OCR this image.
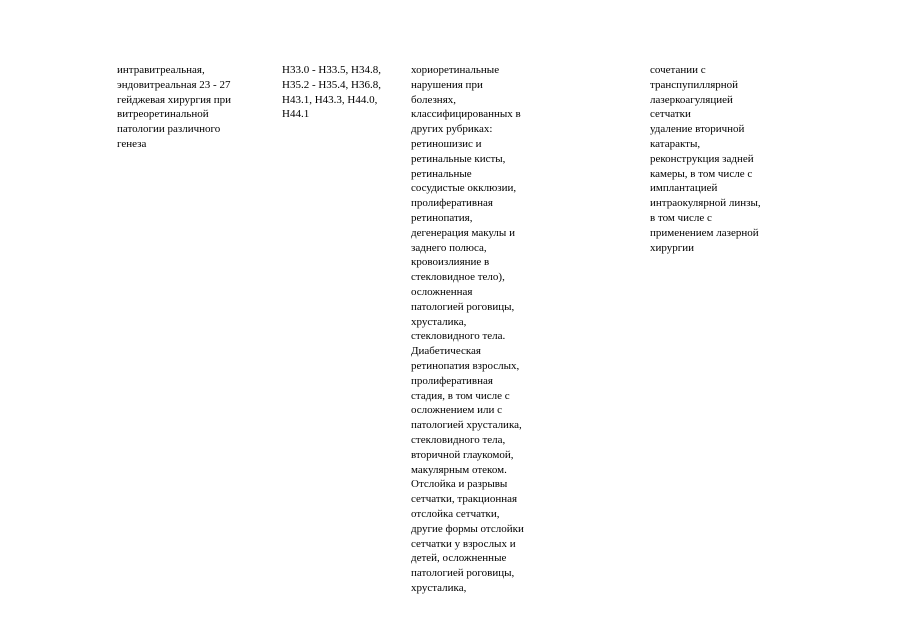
интравитреальная,

эндовитреальная 23 - 27

гейджевая хирургия при

витреоретинальной

патологии различного

генеза

H33.0 - H33.5, H34.8,

H35.2 - H35.4, H36.8,

H43.1, H43.3, H44.0,

H44.1

хориоретинальные

нарушения при

болезнях,

классифицированных в

других рубриках:

ретиношизис и

ретинальные кисты,

ретинальные

сосудистые окклюзии,

пролиферативная

ретинопатия,

дегенерация макулы и

заднего полюса,

кровоизлияние в

стекловидное тело),

осложненная

патологией роговицы,

хрусталика,

стекловидного тела.

Диабетическая

ретинопатия взрослых,

пролиферативная

стадия, в том числе с

осложнением или с

патологией хрусталика,

стекловидного тела,

вторичной глаукомой,

макулярным отеком.

Отслойка и разрывы

сетчатки, тракционная

отслойка сетчатки,

другие формы отслойки

сетчатки у взрослых и

детей, осложненные

патологией роговицы,

хрусталика,

сочетании с

транспупиллярной

лазеркоагуляцией

сетчатки

удаление вторичной

катаракты,

реконструкция задней

камеры, в том числе с

имплантацией

интраокулярной линзы,

в том числе с

применением лазерной

хирургии
